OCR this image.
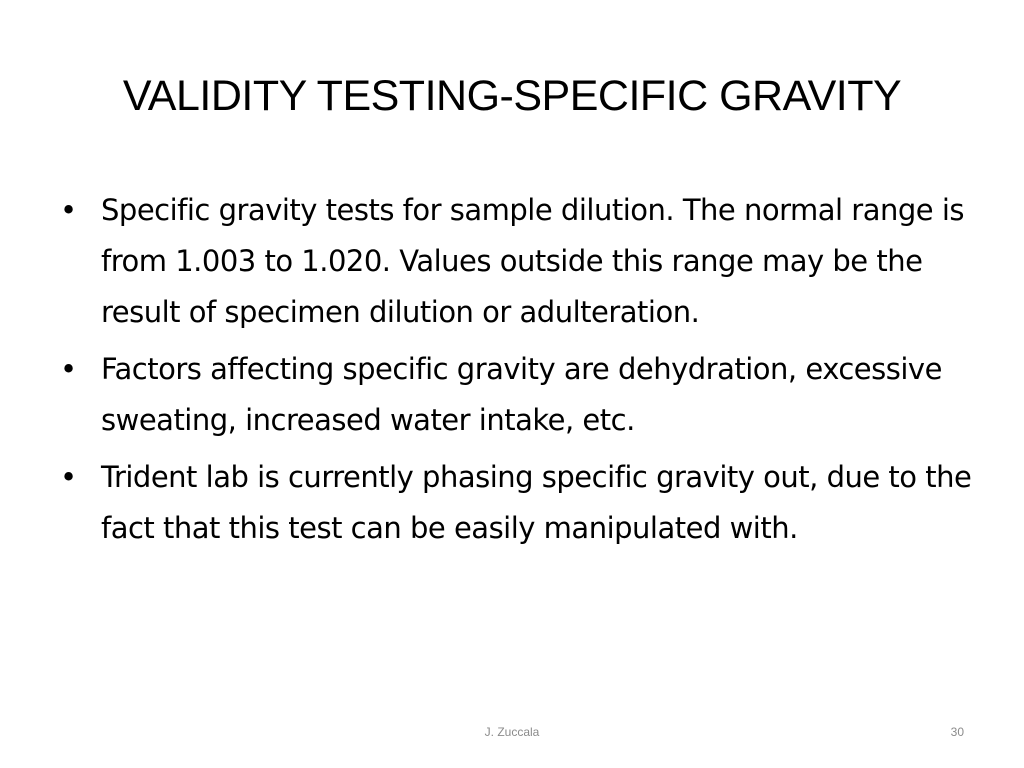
VALIDITY TESTING-SPECIFIC GRAVITY
• Specific gravity tests for sample dilution. The normal range is from 1.003 to 1.020. Values outside this range may be the result of specimen dilution or adulteration.
• Factors affecting specific gravity are dehydration, excessive sweating, increased water intake, etc.
• Trident lab is currently phasing specific gravity out, due to the fact that this test can be easily manipulated with.
J. Zuccala	30
